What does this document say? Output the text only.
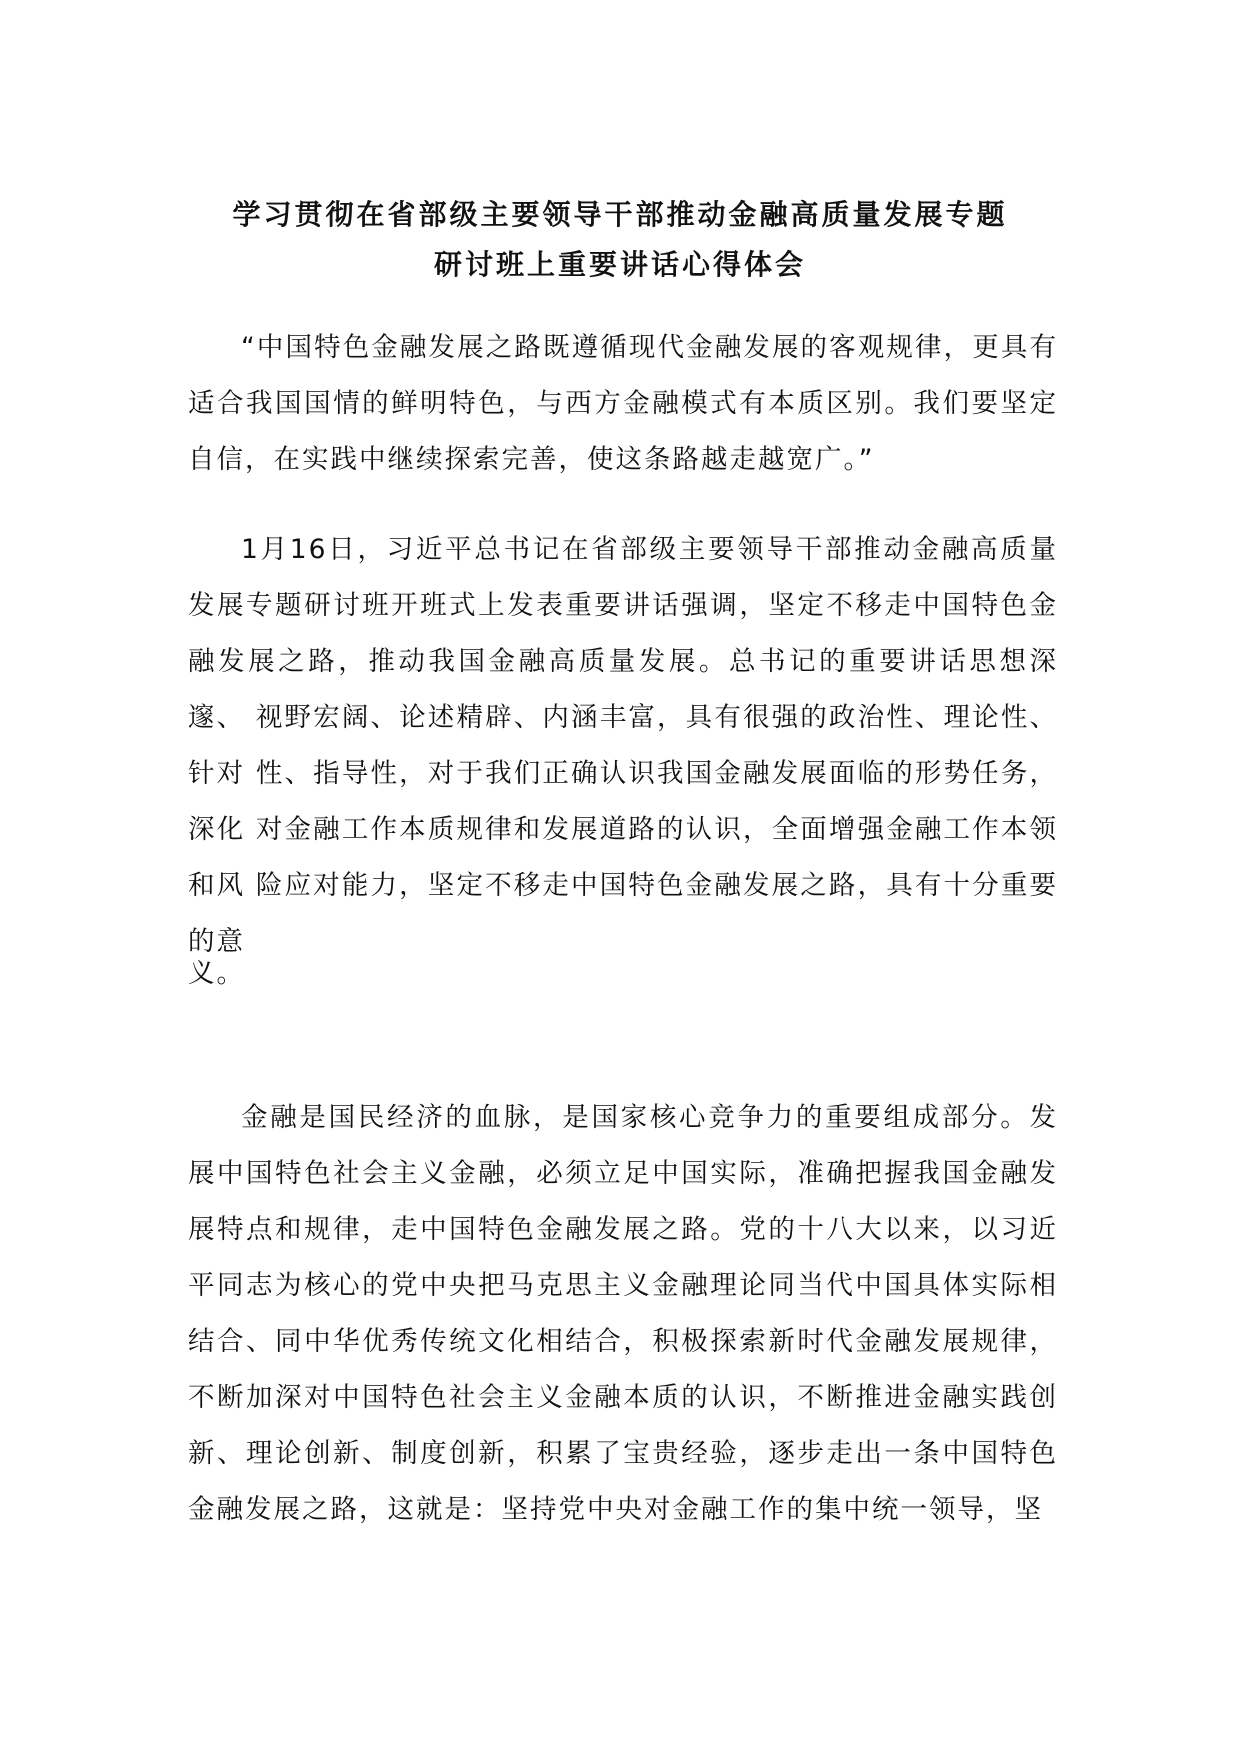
学习贯彻在省部级主要领导干部推动金融高质量发展专题
研讨班上重要讲话心得体会

“中国特色金融发展之路既遵循现代金融发展的客观规律，更具有适合我国国情的鲜明特色，与西方金融模式有本质区别。我们要坚定自信，在实践中继续探索完善，使这条路越走越宽广。”

1月16日，习近平总书记在省部级主要领导干部推动金融高质量 发展专题研讨班开班式上发表重要讲话强调，坚定不移走中国特色金 融发展之路，推动我国金融高质量发展。总书记的重要讲话思想深邃、 视野宏阔、论述精辟、内涵丰富，具有很强的政治性、理论性、针对 性、指导性，对于我们正确认识我国金融发展面临的形势任务，深化 对金融工作本质规律和发展道路的认识，全面增强金融工作本领和风 险应对能力，坚定不移走中国特色金融发展之路，具有十分重要的意

义。

金融是国民经济的血脉，是国家核心竞争力的重要组成部分。发展中国特色社会主义金融，必须立足中国实际，准确把握我国金融发展特点和规律，走中国特色金融发展之路。党的十八大以来，以习近平同志为核心的党中央把马克思主义金融理论同当代中国具体实际相结合、同中华优秀传统文化相结合，积极探索新时代金融发展规律，不断加深对中国特色社会主义金融本质的认识，不断推进金融实践创新、理论创新、制度创新，积累了宝贵经验，逐步走出一条中国特色金融发展之路，这就是：坚持党中央对金融工作的集中统一领导，坚
